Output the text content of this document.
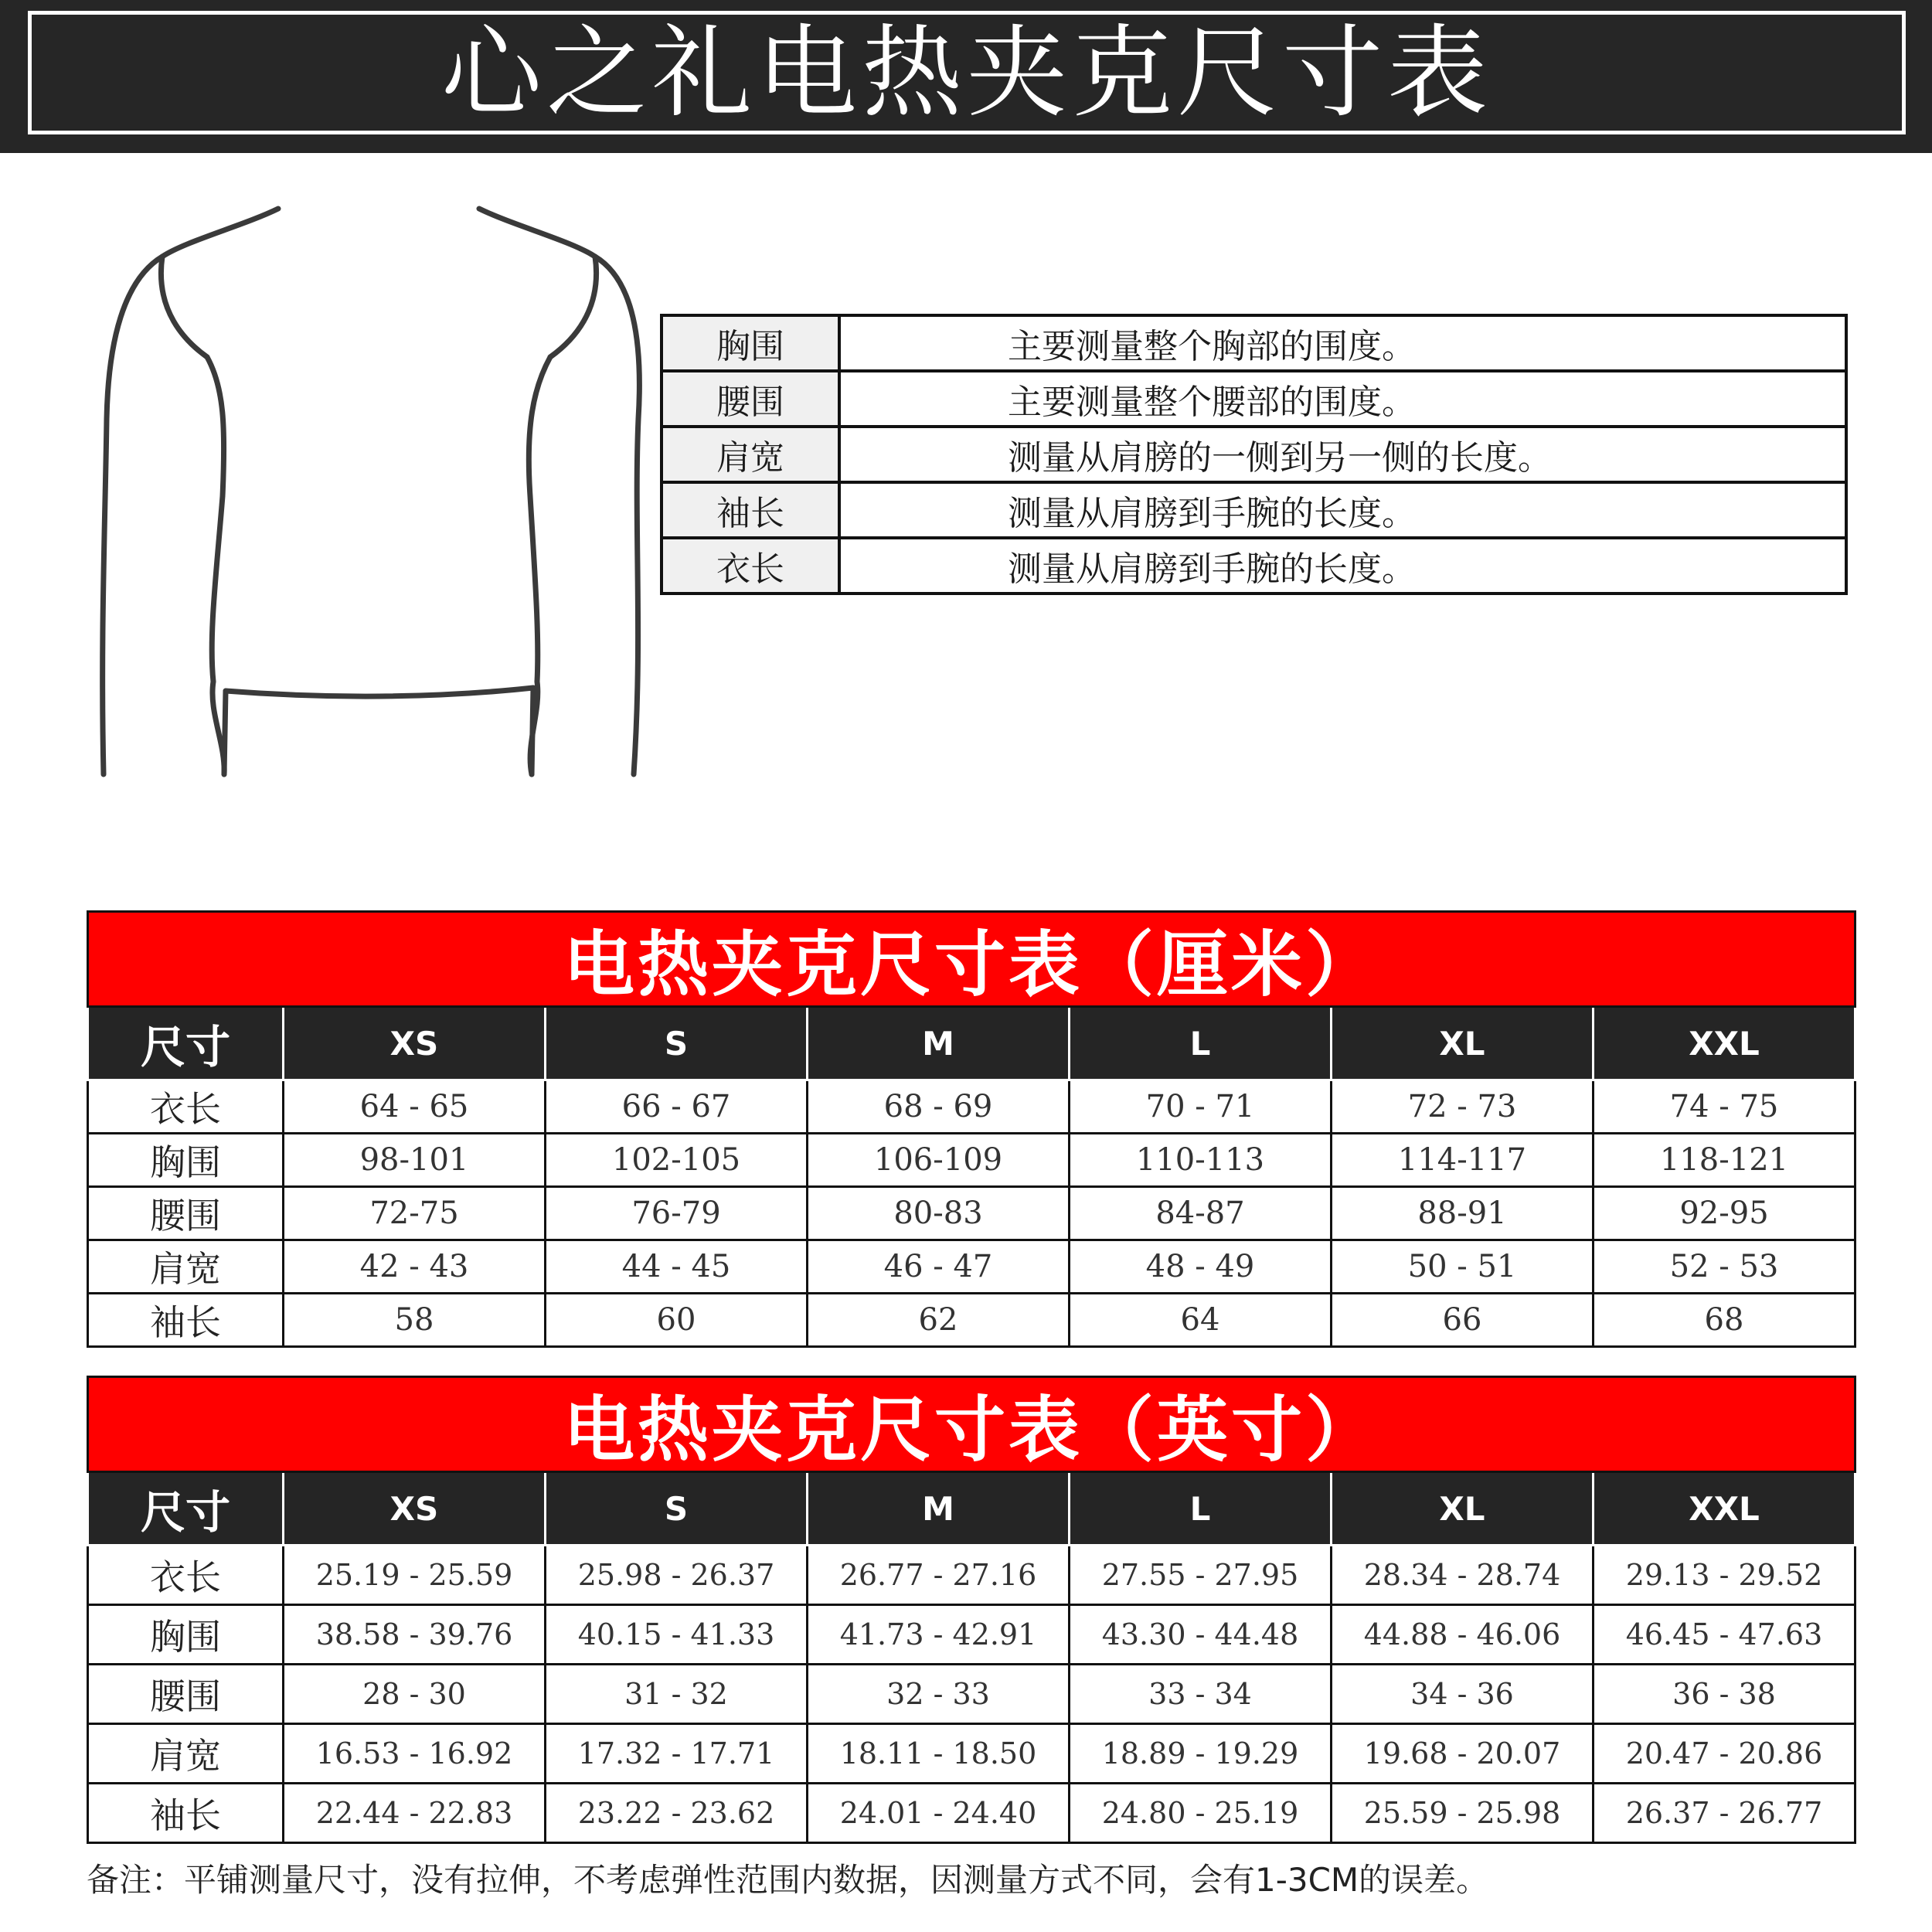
心之礼电热夹克尺寸表
胸围	主要测量整个胸部的围度。
腰围	主要测量整个腰部的围度。
肩宽	测量从肩膀的一侧到另一侧的长度。
袖长	测量从肩膀到手腕的长度。
衣长	测量从肩膀到手腕的长度。
电热夹克尺寸表（厘米）
尺寸	XS	S	M	L	XL	XXL
衣长	64 - 65	66 - 67	68 - 69	70 - 71	72 - 73	74 - 75
胸围	98-101	102-105	106-109	110-113	114-117	118-121
腰围	72-75	76-79	80-83	84-87	88-91	92-95
肩宽	42 - 43	44 - 45	46 - 47	48 - 49	50 - 51	52 - 53
袖长	58	60	62	64	66	68
电热夹克尺寸表（英寸）
尺寸	XS	S	M	L	XL	XXL
衣长	25.19 - 25.59	25.98 - 26.37	26.77 - 27.16	27.55 - 27.95	28.34 - 28.74	29.13 - 29.52
胸围	38.58 - 39.76	40.15 - 41.33	41.73 - 42.91	43.30 - 44.48	44.88 - 46.06	46.45 - 47.63
腰围	28 - 30	31 - 32	32 - 33	33 - 34	34 - 36	36 - 38
肩宽	16.53 - 16.92	17.32 - 17.71	18.11 - 18.50	18.89 - 19.29	19.68 - 20.07	20.47 - 20.86
袖长	22.44 - 22.83	23.22 - 23.62	24.01 - 24.40	24.80 - 25.19	25.59 - 25.98	26.37 - 26.77
备注：平铺测量尺寸，没有拉伸，不考虑弹性范围内数据，因测量方式不同，会有1-3CM的误差。
